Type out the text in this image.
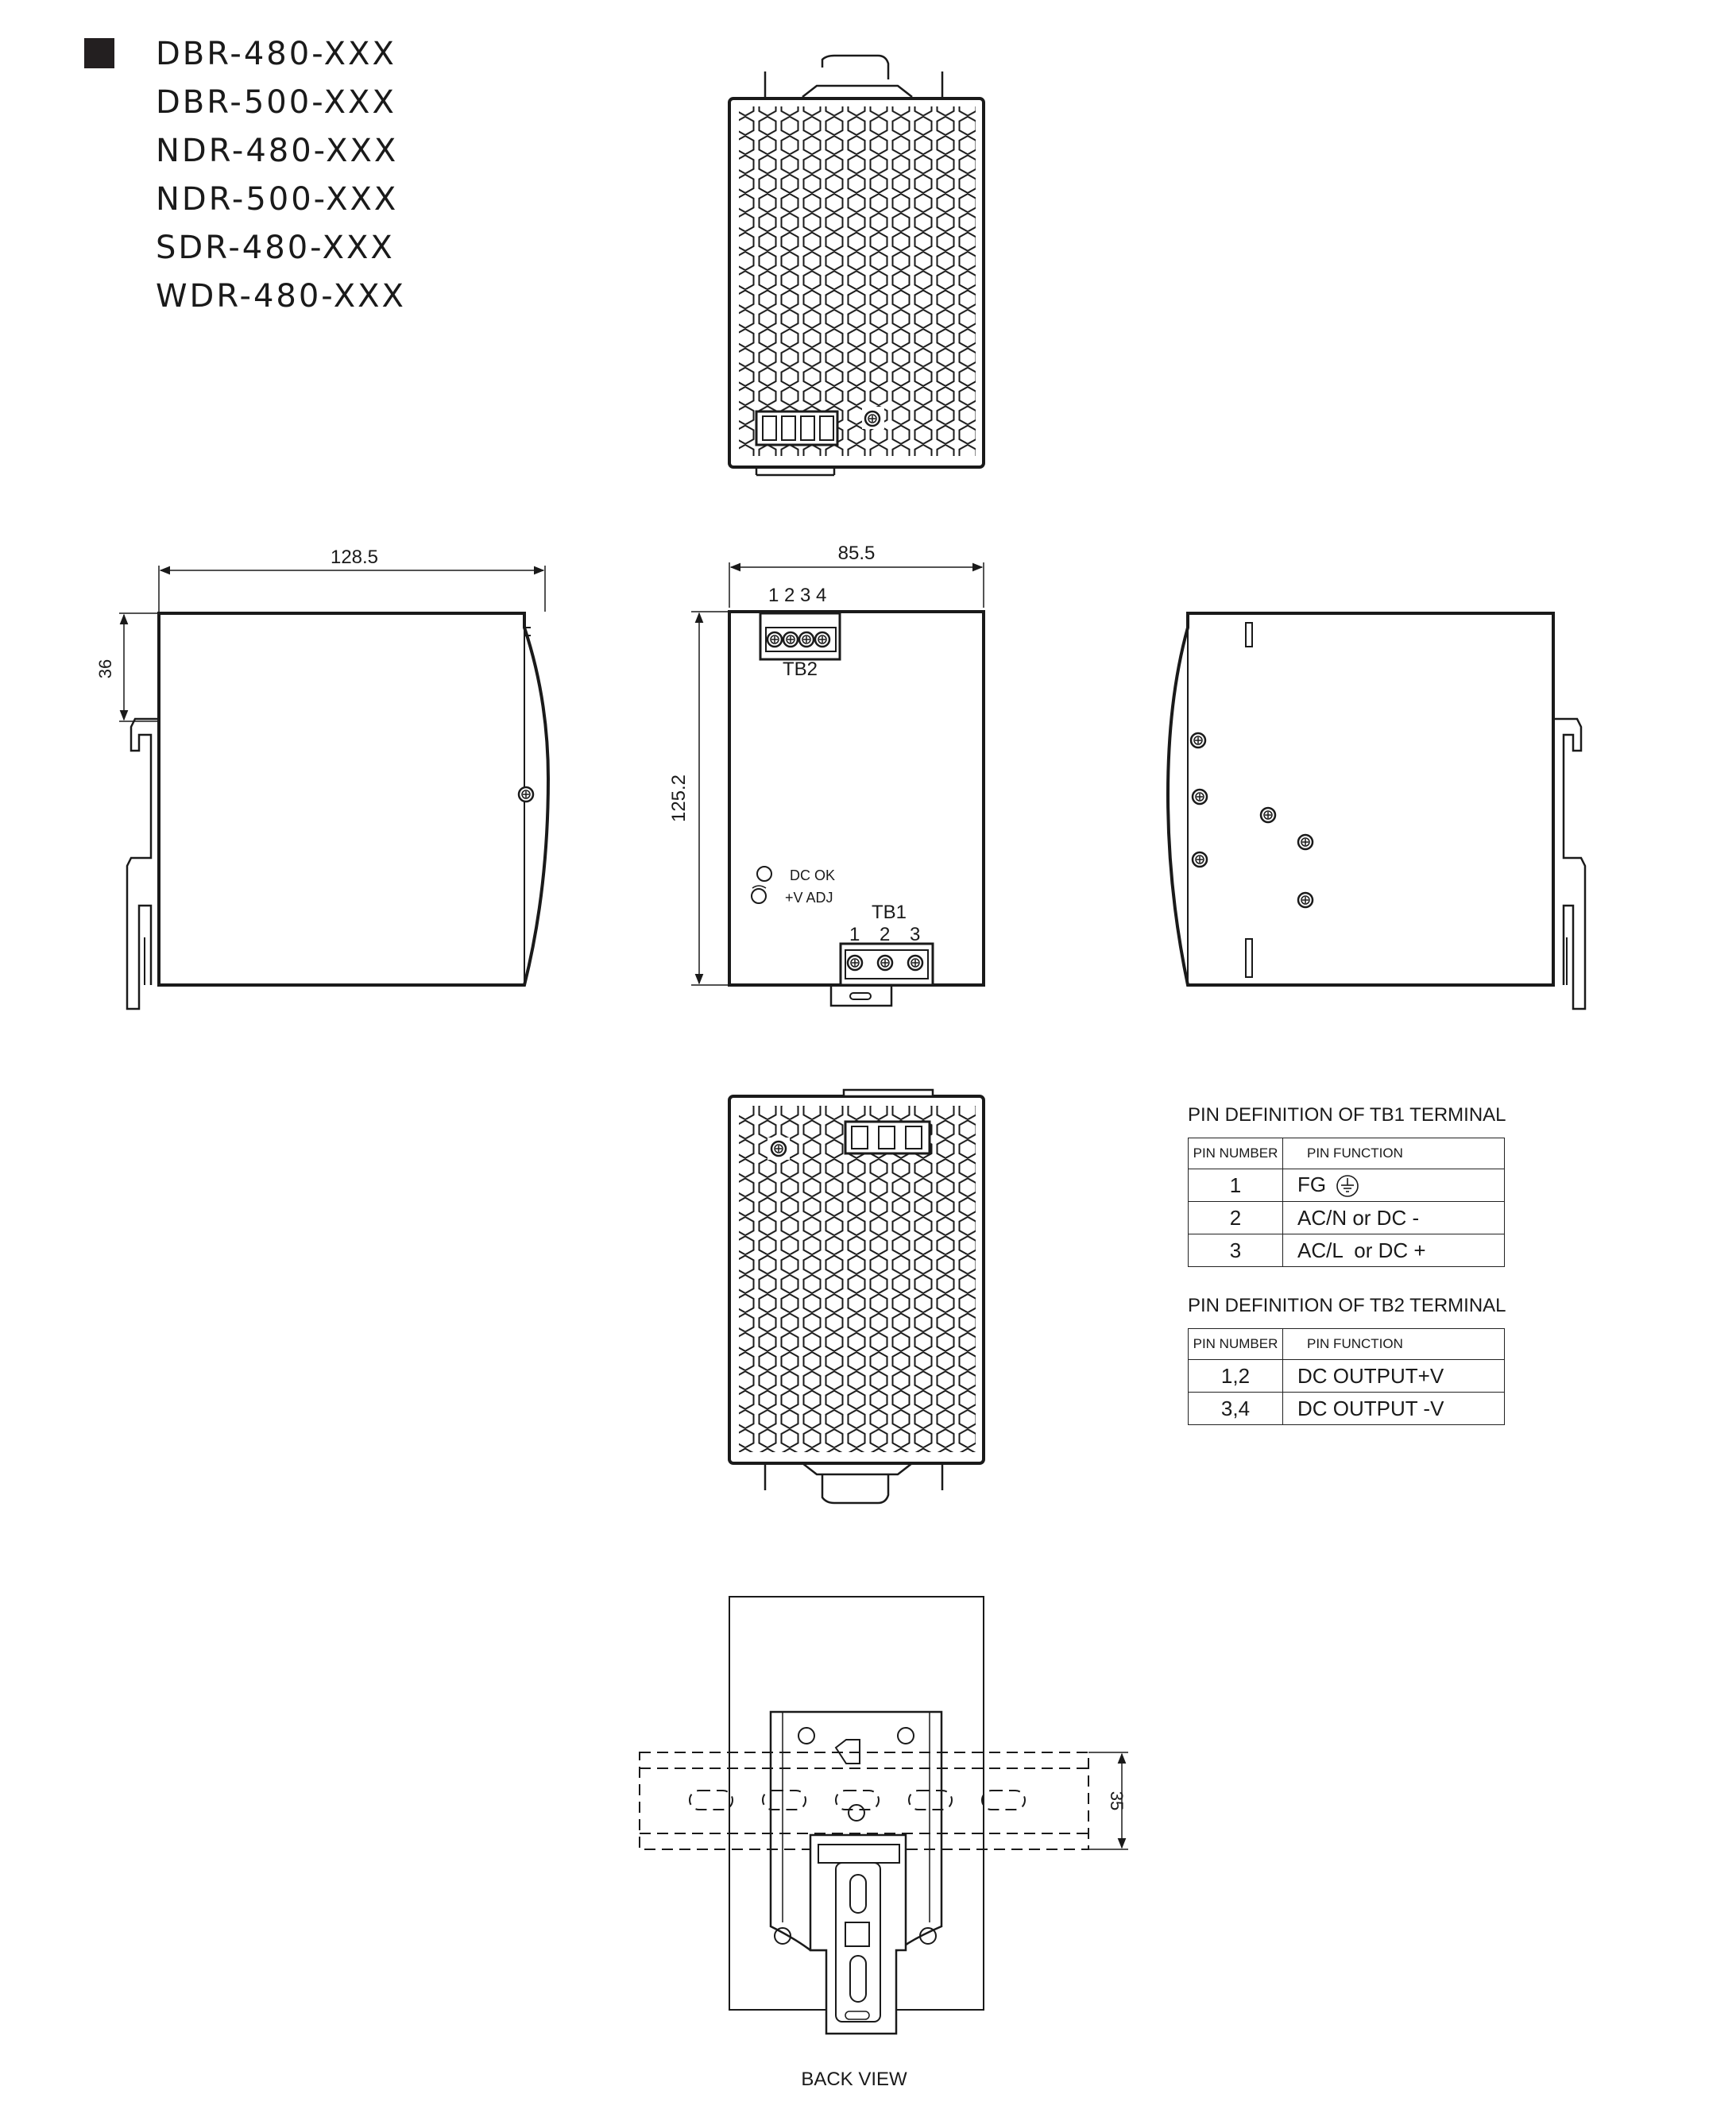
128.5
36
85.5
125.2
35
1 2 3 4
TB2
DC OK
+V ADJ
TB1
1 2 3
BACK VIEW
DBR-480-XXX
DBR-500-XXX
NDR-480-XXX
NDR-500-XXX
SDR-480-XXX
WDR-480-XXX
PIN DEFINITION OF TB1 TERMINAL
PIN NUMBER	PIN FUNCTION
1	FG
2	AC/N or DC -
3	AC/L  or DC +
PIN DEFINITION OF TB2 TERMINAL
PIN NUMBER	PIN FUNCTION
1,2	DC OUTPUT+V
3,4	DC OUTPUT -V
